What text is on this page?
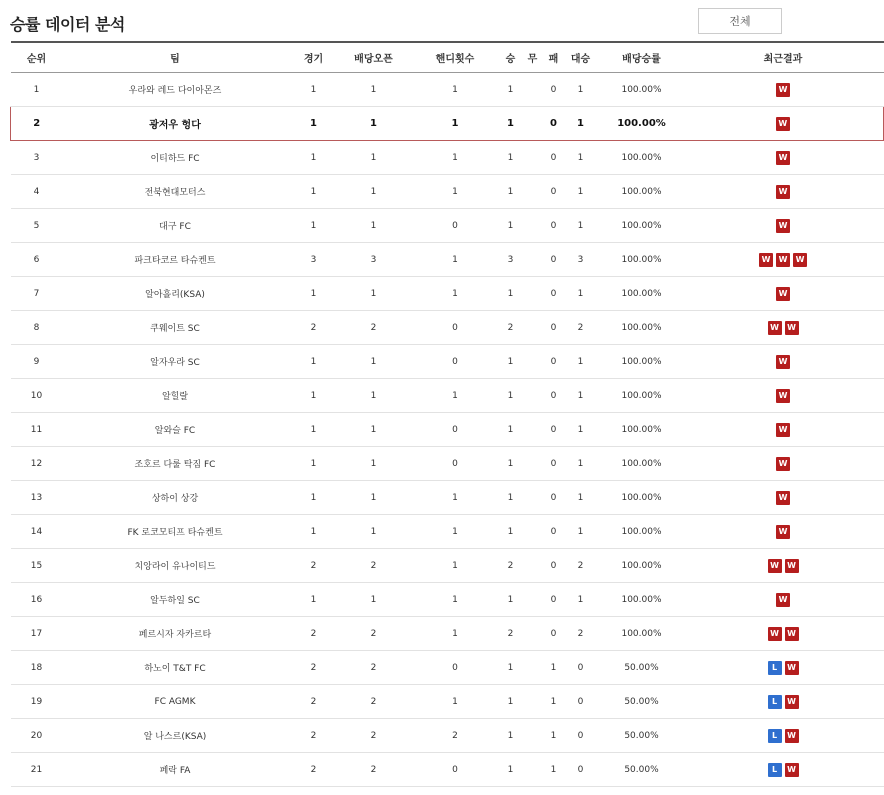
승률 데이터 분석	전체
순위	팀	경기	배당오픈	핸디횟수	승	무	패	대승	배당승률	최근결과
1	우라와 레드 다이아몬즈	1	1	1	1		0	1	100.00%	W

2	광저우 헝다	1	1	1	1		0	1	100.00%	W

3	이티하드 FC	1	1	1	1		0	1	100.00%	W

4	전북현대모터스	1	1	1	1		0	1	100.00%	W

5	대구 FC	1	1	0	1		0	1	100.00%	W

6	파크타코르 타슈켄트	3	3	1	3		0	3	100.00%	W W W

7	알아흘리(KSA)	1	1	1	1		0	1	100.00%	W

8	쿠웨이트 SC	2	2	0	2		0	2	100.00%	W W

9	알자우라 SC	1	1	0	1		0	1	100.00%	W

10	알힐랄	1	1	1	1		0	1	100.00%	W

11	알와슬 FC	1	1	0	1		0	1	100.00%	W

12	조호르 다룰 탁짐 FC	1	1	0	1		0	1	100.00%	W

13	상하이 상강	1	1	1	1		0	1	100.00%	W

14	FK 로코모티프 타슈켄트	1	1	1	1		0	1	100.00%	W

15	치앙라이 유나이티드	2	2	1	2		0	2	100.00%	W W

16	알두하일 SC	1	1	1	1		0	1	100.00%	W

17	페르시자 자카르타	2	2	1	2		0	2	100.00%	W W

18	하노이 T&T FC	2	2	0	1		1	0	50.00%	L W

19	FC AGMK	2	2	1	1		1	0	50.00%	L W

20	알 나스르(KSA)	2	2	2	1		1	0	50.00%	L W

21	페락 FA	2	2	0	1		1	0	50.00%	L W
